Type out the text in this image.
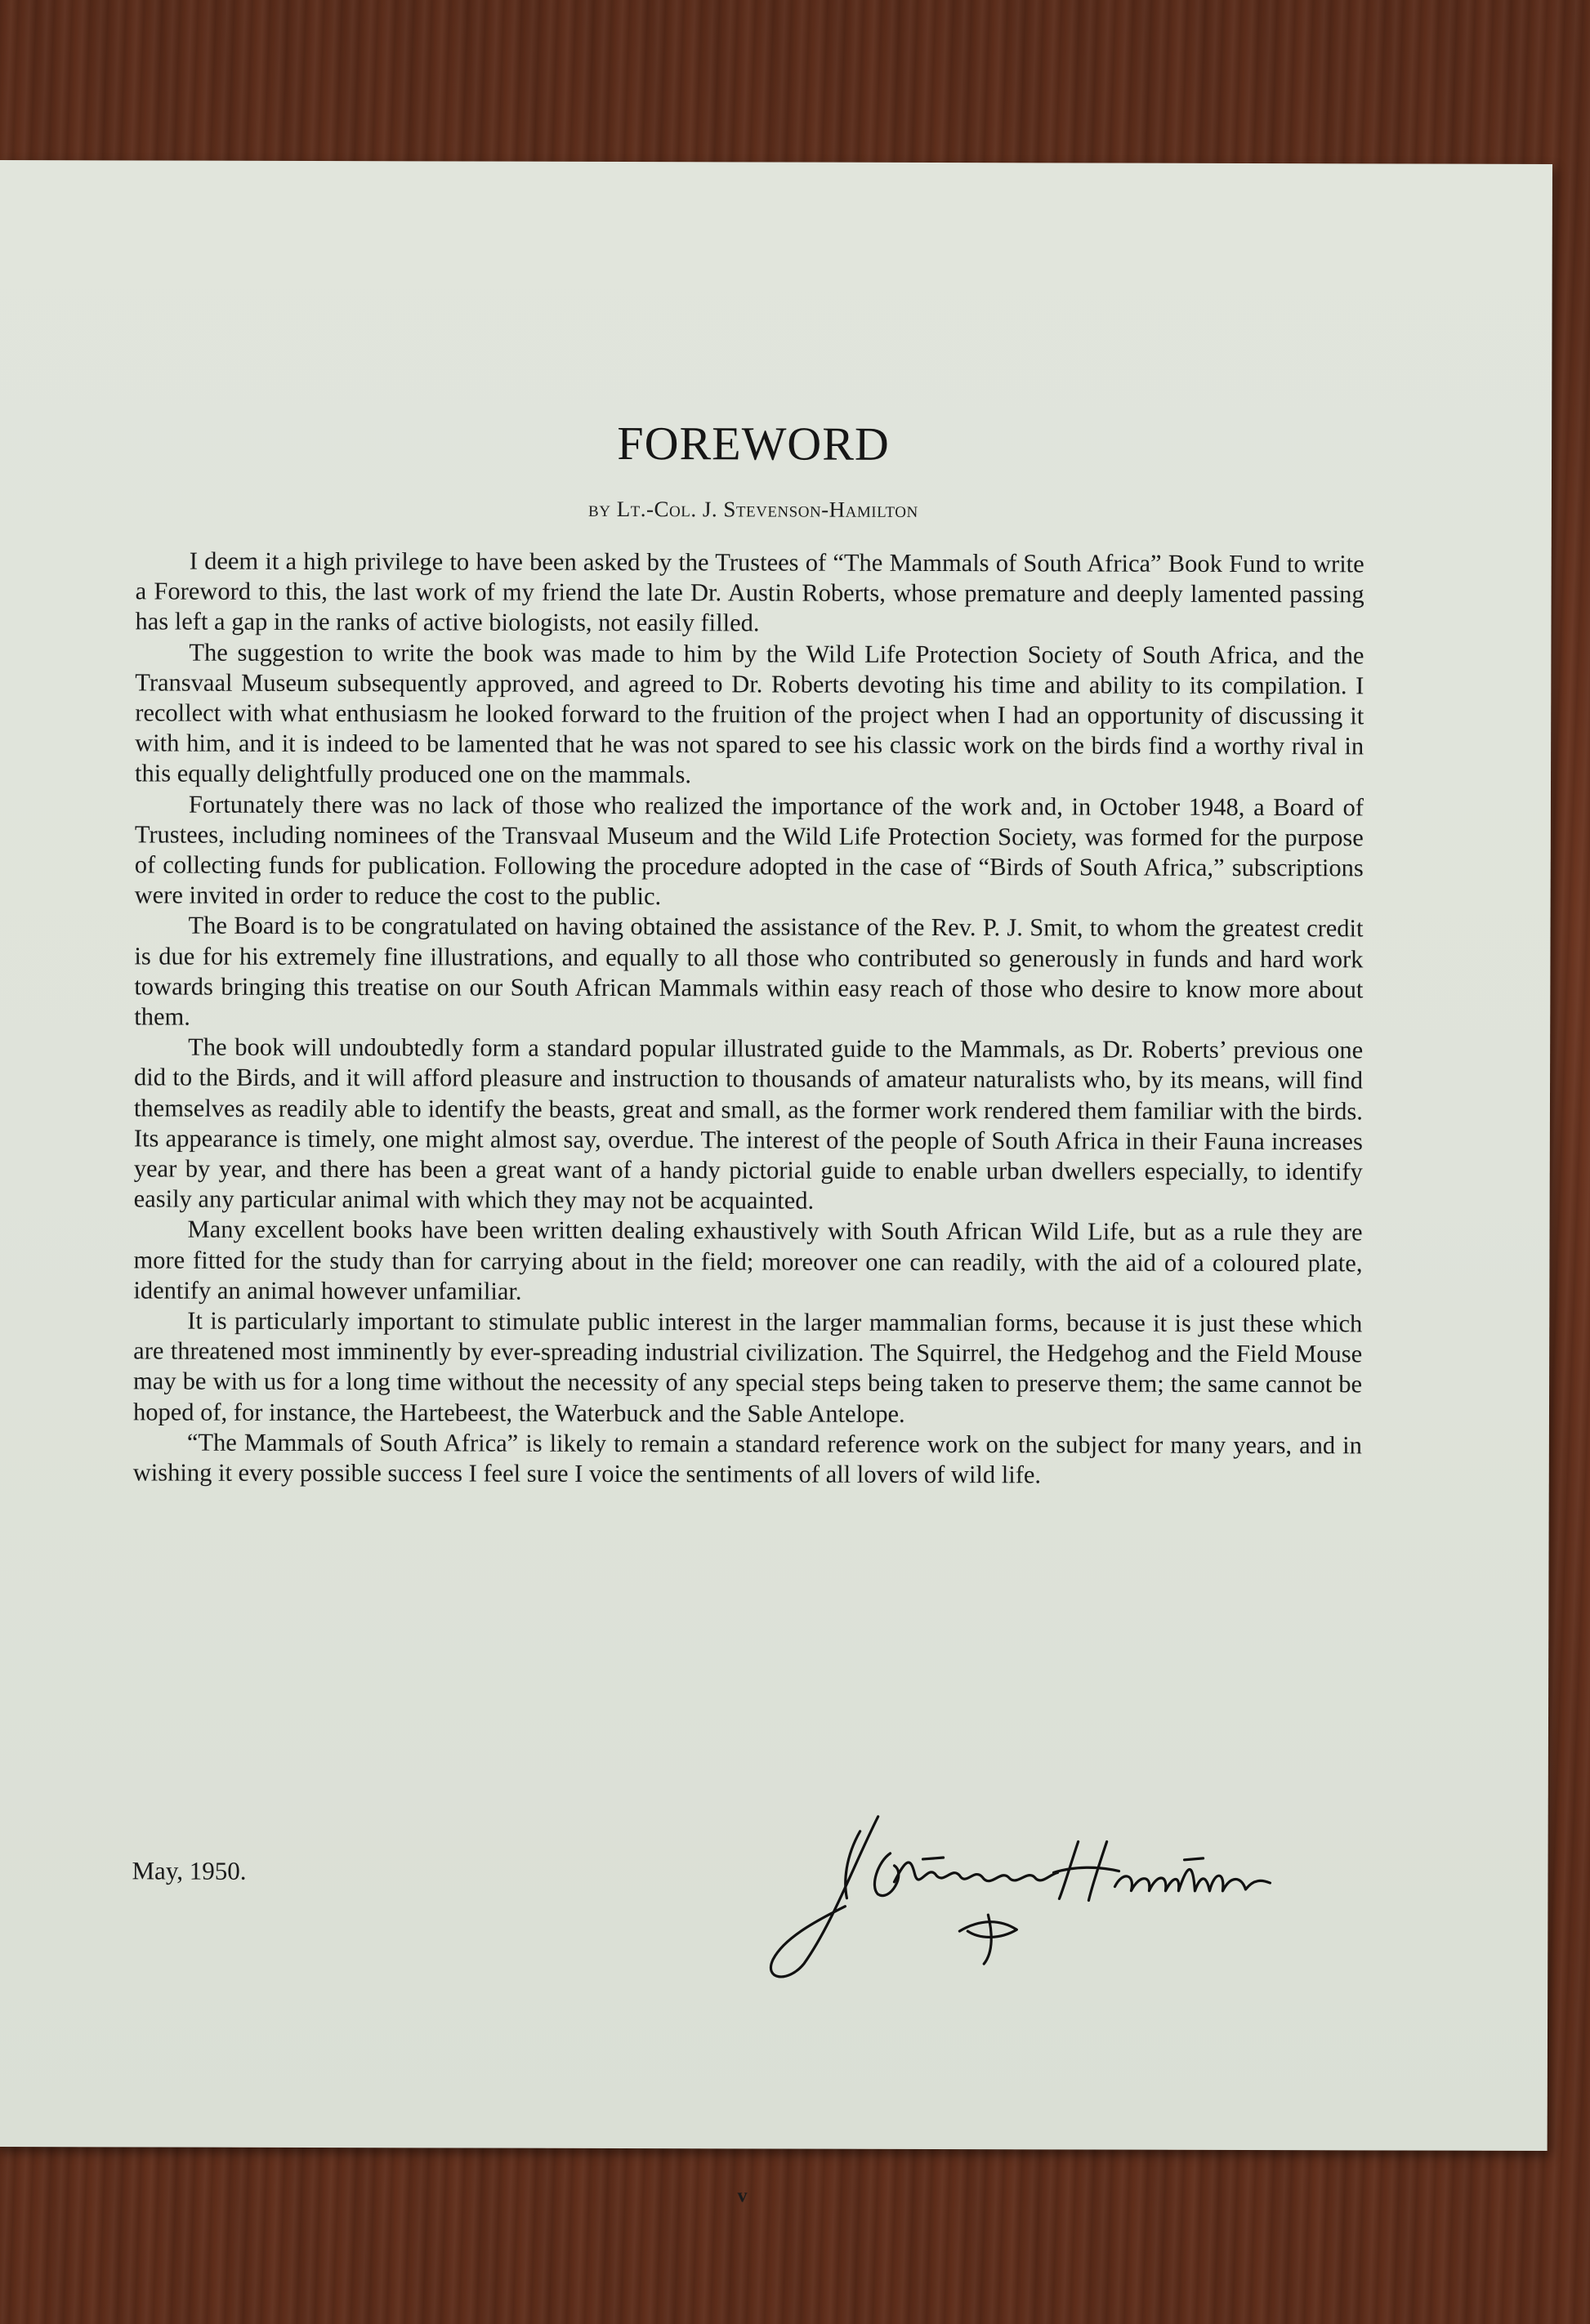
FOREWORD
by Lt.-Col. J. Stevenson-Hamilton

I deem it a high privilege to have been asked by the Trustees of “The Mammals of South Africa” Book Fund to write a Foreword to this, the last work of my friend the late Dr. Austin Roberts, whose premature and deeply lamented passing has left a gap in the ranks of active biologists, not easily filled.

The suggestion to write the book was made to him by the Wild Life Protection Society of South Africa, and the Transvaal Museum subsequently approved, and agreed to Dr. Roberts devoting his time and ability to its compilation. I recollect with what enthusiasm he looked forward to the fruition of the project when I had an opportunity of discussing it with him, and it is indeed to be lamented that he was not spared to see his classic work on the birds find a worthy rival in this equally delightfully produced one on the mammals.

Fortunately there was no lack of those who realized the importance of the work and, in October 1948, a Board of Trustees, including nominees of the Transvaal Museum and the Wild Life Protection Society, was formed for the purpose of collecting funds for publication. Following the procedure adopted in the case of “Birds of South Africa,” subscriptions were invited in order to reduce the cost to the public.

The Board is to be congratulated on having obtained the assistance of the Rev. P. J. Smit, to whom the greatest credit is due for his extremely fine illustrations, and equally to all those who contributed so generously in funds and hard work towards bringing this treatise on our South African Mammals within easy reach of those who desire to know more about them.

The book will undoubtedly form a standard popular illustrated guide to the Mammals, as Dr. Roberts’ previous one did to the Birds, and it will afford pleasure and instruction to thousands of amateur naturalists who, by its means, will find themselves as readily able to identify the beasts, great and small, as the former work rendered them familiar with the birds. Its appearance is timely, one might almost say, overdue. The interest of the people of South Africa in their Fauna increases year by year, and there has been a great want of a handy pictorial guide to enable urban dwellers especially, to identify easily any particular animal with which they may not be acquainted.

Many excellent books have been written dealing exhaustively with South African Wild Life, but as a rule they are more fitted for the study than for carrying about in the field; moreover one can readily, with the aid of a coloured plate, identify an animal however unfamiliar.

It is particularly important to stimulate public interest in the larger mammalian forms, because it is just these which are threatened most imminently by ever-spreading industrial civilization. The Squirrel, the Hedgehog and the Field Mouse may be with us for a long time without the necessity of any special steps being taken to preserve them; the same cannot be hoped of, for instance, the Hartebeest, the Waterbuck and the Sable Antelope.

“The Mammals of South Africa” is likely to remain a standard reference work on the subject for many years, and in wishing it every possible success I feel sure I voice the sentiments of all lovers of wild life.

May, 1950.
v
